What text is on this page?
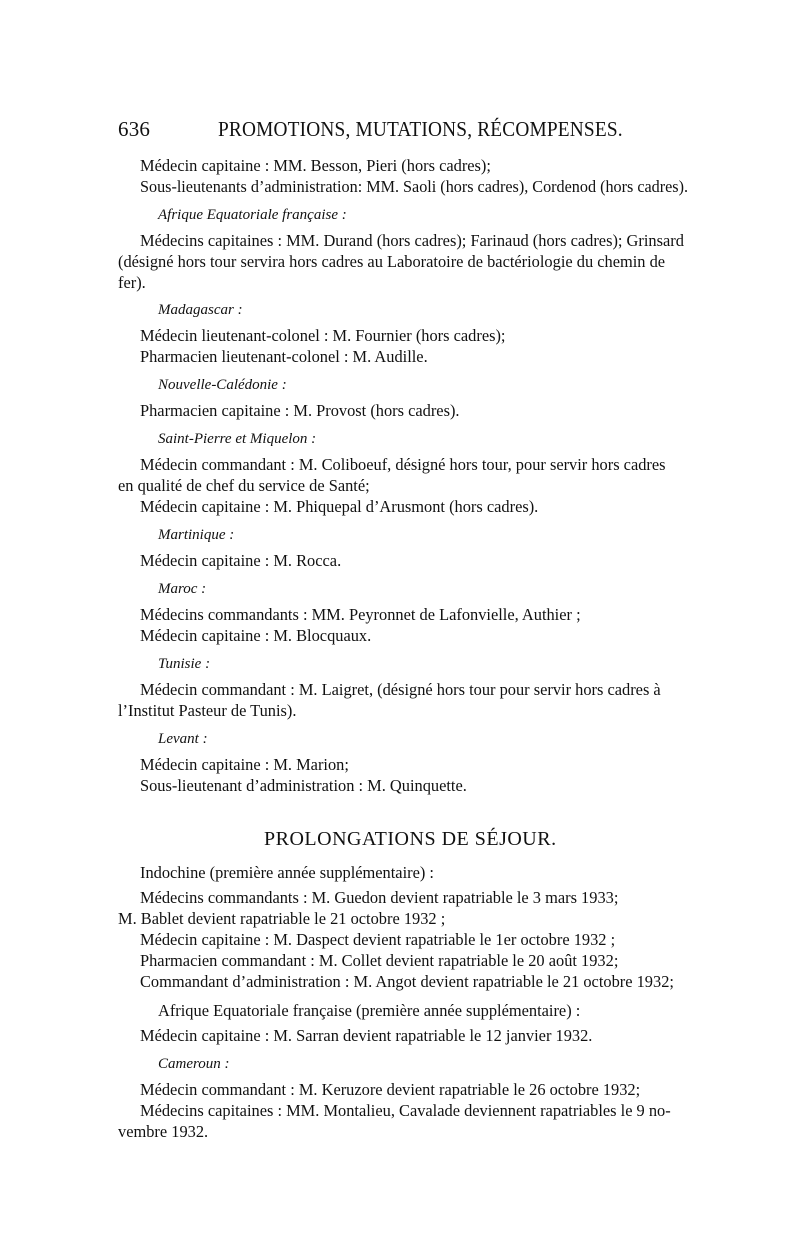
636	PROMOTIONS, MUTATIONS, RÉCOMPENSES.
Médecin capitaine : MM. Besson, Pieri (hors cadres);
Sous-lieutenants d’administration: MM. Saoli (hors cadres), Cordenod (hors cadres).
Afrique Equatoriale française :
Médecins capitaines : MM. Durand (hors cadres); Farinaud (hors cadres); Grinsard
(désigné hors tour servira hors cadres au Laboratoire de bactériologie du chemin de
fer).
Madagascar :
Médecin lieutenant-colonel : M. Fournier (hors cadres);
Pharmacien lieutenant-colonel : M. Audille.
Nouvelle-Calédonie :
Pharmacien capitaine : M. Provost (hors cadres).
Saint-Pierre et Miquelon :
Médecin commandant : M. Coliboeuf, désigné hors tour, pour servir hors cadres
en qualité de chef du service de Santé;
Médecin capitaine : M. Phiquepal d’Arusmont (hors cadres).
Martinique :
Médecin capitaine : M. Rocca.
Maroc :
Médecins commandants : MM. Peyronnet de Lafonvielle, Authier ;
Médecin capitaine : M. Blocquaux.
Tunisie :
Médecin commandant : M. Laigret, (désigné hors tour pour servir hors cadres à
l’Institut Pasteur de Tunis).
Levant :
Médecin capitaine : M. Marion;
Sous-lieutenant d’administration : M. Quinquette.
PROLONGATIONS DE SÉJOUR.
Indochine (première année supplémentaire) :
Médecins commandants : M. Guedon devient rapatriable le 3 mars 1933;
M. Bablet devient rapatriable le 21 octobre 1932 ;
Médecin capitaine : M. Daspect devient rapatriable le 1er octobre 1932 ;
Pharmacien commandant : M. Collet devient rapatriable le 20 août 1932;
Commandant d’administration : M. Angot devient rapatriable le 21 octobre 1932;
Afrique Equatoriale française (première année supplémentaire) :
Médecin capitaine : M. Sarran devient rapatriable le 12 janvier 1932.
Cameroun :
Médecin commandant : M. Keruzore devient rapatriable le 26 octobre 1932;
Médecins capitaines : MM. Montalieu, Cavalade deviennent rapatriables le 9 no-
vembre 1932.
